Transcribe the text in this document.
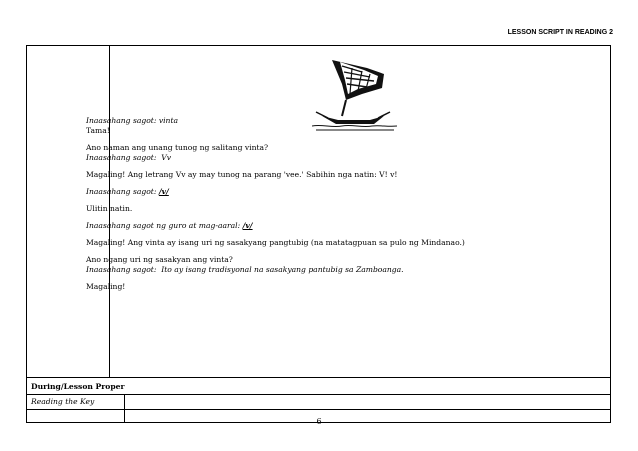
LESSON SCRIPT IN READING 2
During/Lesson Proper
Reading the Key

Inaasahang sagot: vinta

Tama!

Ano naman ang unang tunog ng salitang vinta?

Inaasahang sagot: Vv

Magaling! Ang letrang Vv ay may tunog na parang 'vee.' Sabihin nga natin: V! v!

Inaasahang sagot: /v/

Ulitin natin.

Inaasahang sagot ng guro at mag-aaral: /v/

Magaling! Ang vinta ay isang uri ng sasakyang pangtubig (na matatagpuan sa pulo ng Mindanao.)

Ano ngang uri ng sasakyan ang vinta?

Inaasahang sagot: Ito ay isang tradisyonal na sasakyang pantubig sa Zamboanga.

Magaling!

6
